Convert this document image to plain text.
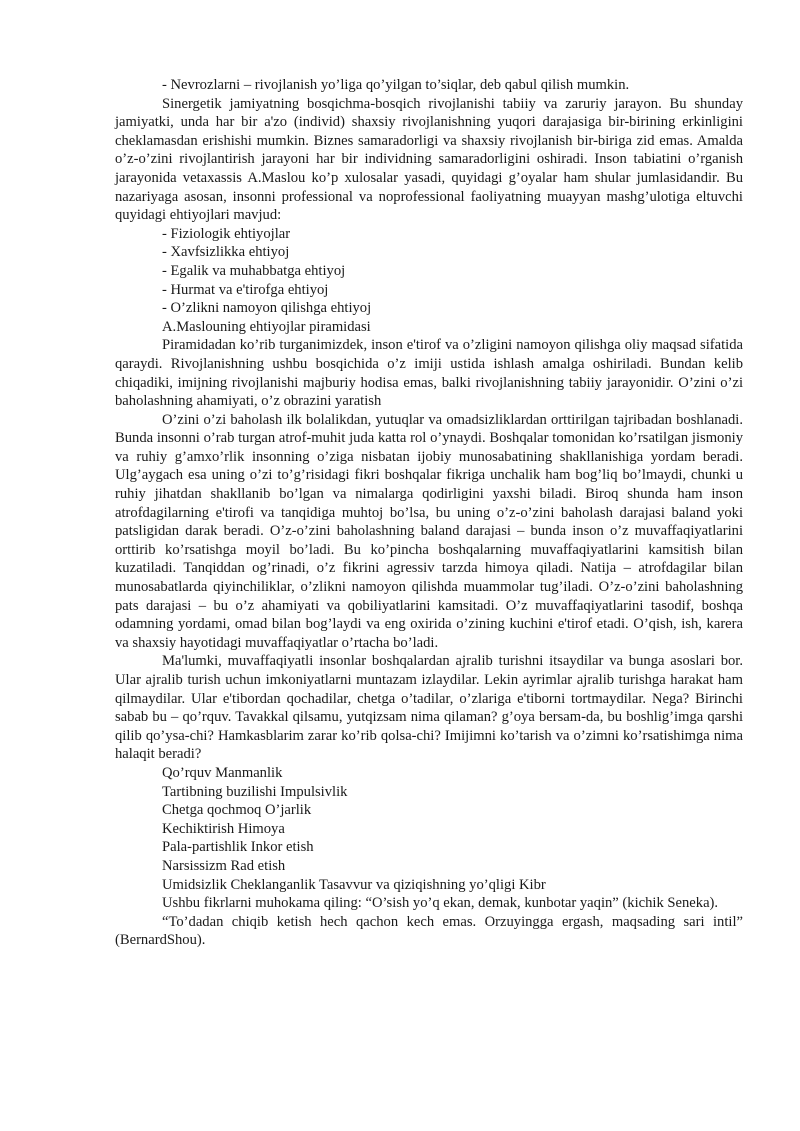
- Nevrozlarni – rivojlanish yo’liga qo’yilgan to’siqlar, deb qabul qilish mumkin.

Sinergetik jamiyatning bosqichma-bosqich rivojlanishi tabiiy va zaruriy jarayon. Bu shunday jamiyatki, unda har bir a'zo (individ) shaxsiy rivojlanishning yuqori darajasiga bir-birining erkinligini cheklamasdan erishishi mumkin. Biznes samaradorligi va shaxsiy rivojlanish bir-biriga zid emas. Amalda o’z-o’zini rivojlantirish jarayoni har bir individning samaradorligini oshiradi. Inson tabiatini o’rganish jarayonida vetaxassis A.Maslou ko’p xulosalar yasadi, quyidagi g’oyalar ham shular jumlasidandir. Bu nazariyaga asosan, insonni professional va noprofessional faoliyatning muayyan mashg’ulotiga eltuvchi quyidagi ehtiyojlari mavjud:

- Fiziologik ehtiyojlar

- Xavfsizlikka ehtiyoj

- Egalik va muhabbatga ehtiyoj

- Hurmat va e'tirofga ehtiyoj

- O’zlikni namoyon qilishga ehtiyoj

A.Maslouning ehtiyojlar piramidasi

Piramidadan ko’rib turganimizdek, inson e'tirof va o’zligini namoyon qilishga oliy maqsad sifatida qaraydi. Rivojlanishning ushbu bosqichida o’z imiji ustida ishlash amalga oshiriladi. Bundan kelib chiqadiki, imijning rivojlanishi majburiy hodisa emas, balki rivojlanishning tabiiy jarayonidir. O’zini o’zi baholashning ahamiyati, o’z obrazini yaratish

O’zini o’zi baholash ilk bolalikdan, yutuqlar va omadsizliklardan orttirilgan tajribadan boshlanadi. Bunda insonni o’rab turgan atrof-muhit juda katta rol o’ynaydi. Boshqalar tomonidan ko’rsatilgan jismoniy va ruhiy g’amxo’rlik insonning o’ziga nisbatan ijobiy munosabatining shakllanishiga yordam beradi. Ulg’aygach esa uning o’zi to’g’risidagi fikri boshqalar fikriga unchalik ham bog’liq bo’lmaydi, chunki u ruhiy jihatdan shakllanib bo’lgan va nimalarga qodirligini yaxshi biladi. Biroq shunda ham inson atrofdagilarning e'tirofi va tanqidiga muhtoj bo’lsa, bu uning o’z-o’zini baholash darajasi baland yoki patsligidan darak beradi. O’z-o’zini baholashning baland darajasi – bunda inson o’z muvaffaqiyatlarini orttirib ko’rsatishga moyil bo’ladi. Bu ko’pincha boshqalarning muvaffaqiyatlarini kamsitish bilan kuzatiladi. Tanqiddan og’rinadi, o’z fikrini agressiv tarzda himoya qiladi. Natija – atrofdagilar bilan munosabatlarda qiyinchiliklar, o’zlikni namoyon qilishda muammolar tug’iladi. O’z-o’zini baholashning pats darajasi – bu o’z ahamiyati va qobiliyatlarini kamsitadi. O’z muvaffaqiyatlarini tasodif, boshqa odamning yordami, omad bilan bog’laydi va eng oxirida o’zining kuchini e'tirof etadi. O’qish, ish, karera va shaxsiy hayotidagi muvaffaqiyatlar o’rtacha bo’ladi.

Ma'lumki, muvaffaqiyatli insonlar boshqalardan ajralib turishni itsaydilar va bunga asoslari bor. Ular ajralib turish uchun imkoniyatlarni muntazam izlaydilar. Lekin ayrimlar ajralib turishga harakat ham qilmaydilar. Ular e'tibordan qochadilar, chetga o’tadilar, o’zlariga e'tiborni tortmaydilar. Nega? Birinchi sabab bu – qo’rquv. Tavakkal qilsamu, yutqizsam nima qilaman? g’oya bersam-da, bu boshlig’imga qarshi qilib qo’ysa-chi? Hamkasblarim zarar ko’rib qolsa-chi? Imijimni ko’tarish va o’zimni ko’rsatishimga nima halaqit beradi?

Qo’rquv Manmanlik

Tartibning buzilishi Impulsivlik

Chetga qochmoq O’jarlik

Kechiktirish Himoya

Pala-partishlik Inkor etish

Narsissizm Rad etish

Umidsizlik Cheklanganlik Tasavvur va qiziqishning yo’qligi Kibr

Ushbu fikrlarni muhokama qiling: “O’sish yo’q ekan, demak, kunbotar yaqin” (kichik Seneka).

“To’dadan chiqib ketish hech qachon kech emas. Orzuyingga ergash, maqsading sari intil” (BernardShou).
